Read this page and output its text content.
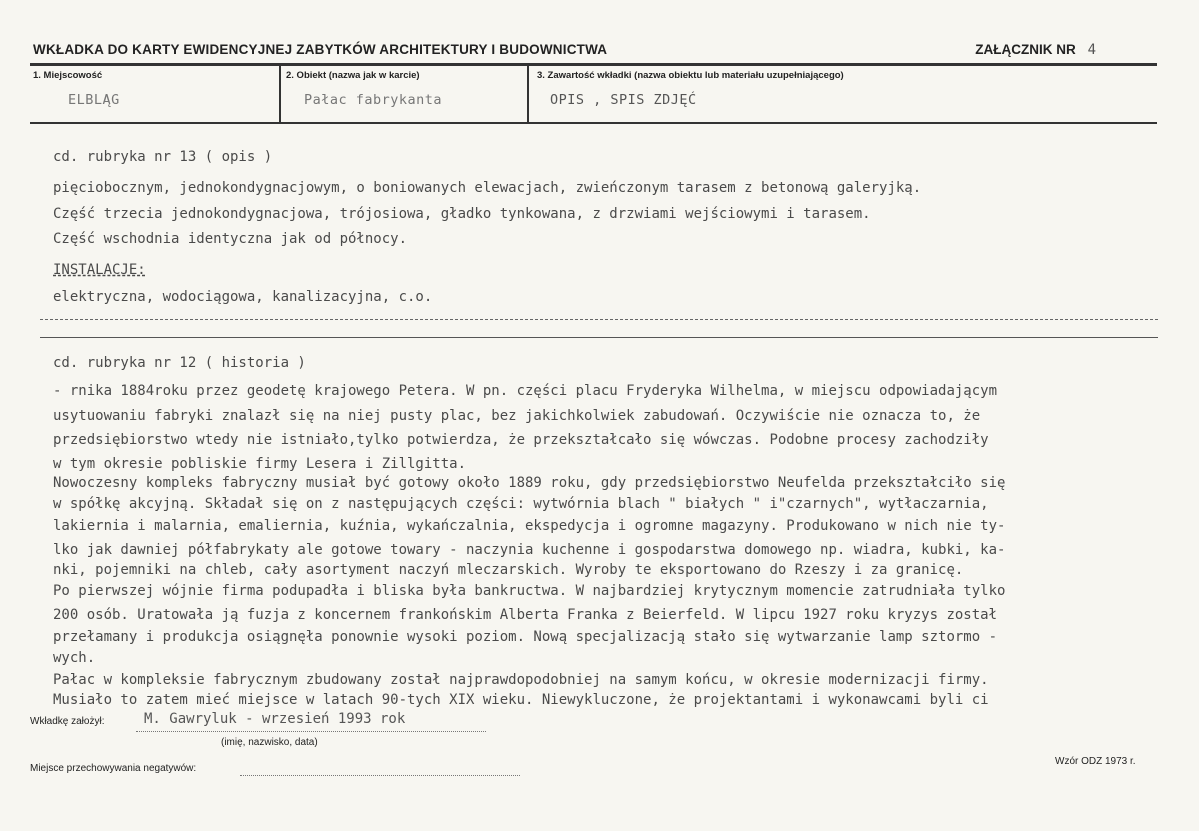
WKŁADKA DO KARTY EWIDENCYJNEJ ZABYTKÓW ARCHITEKTURY I BUDOWNICTWA	ZAŁĄCZNIK NR 4
1. Miejscowość
ELBLĄG
2. Obiekt (nazwa jak w karcie)
Pałac fabrykanta
3. Zawartość wkładki (nazwa obiektu lub materiału uzupełniającego)
OPIS , SPIS ZDJĘĆ
cd. rubryka nr 13 ( opis )
pięciobocznym, jednokondygnacjowym, o boniowanych elewacjach, zwieńczonym tarasem z betonową galeryjką.
Część trzecia jednokondygnacjowa, trójosiowa, gładko tynkowana, z drzwiami wejściowymi i tarasem.
Część wschodnia identyczna jak od północy.
INSTALACJE:
elektryczna, wodociągowa, kanalizacyjna, c.o.
cd. rubryka nr 12 ( historia )
- rnika 1884roku przez geodetę krajowego Petera. W pn. części placu Fryderyka Wilhelma, w miejscu odpowiadającym
usytuowaniu fabryki znalazł się na niej pusty plac, bez jakichkolwiek zabudowań. Oczywiście nie oznacza to, że
przedsiębiorstwo wtedy nie istniało,tylko potwierdza, że przekształcało się wówczas. Podobne procesy zachodziły
w tym okresie pobliskie firmy Lesera i Zillgitta.
Nowoczesny kompleks fabryczny musiał być gotowy około 1889 roku, gdy przedsiębiorstwo Neufelda przekształciło się
w spółkę akcyjną. Składał się on z następujących części: wytwórnia blach " białych " i"czarnych", wytłaczarnia,
lakiernia i malarnia, emaliernia, kuźnia, wykańczalnia, ekspedycja i ogromne magazyny. Produkowano w nich nie ty-
lko jak dawniej półfabrykaty ale gotowe towary - naczynia kuchenne i gospodarstwa domowego np. wiadra, kubki, ka-
nki, pojemniki na chleb, cały asortyment naczyń mleczarskich. Wyroby te eksportowano do Rzeszy i za granicę.
Po pierwszej wójnie firma podupadła i bliska była bankructwa. W najbardziej krytycznym momencie zatrudniała tylko
200 osób. Uratowała ją fuzja z koncernem frankońskim Alberta Franka z Beierfeld. W lipcu 1927 roku kryzys został
przełamany i produkcja osiągnęła ponownie wysoki poziom. Nową specjalizacją stało się wytwarzanie lamp sztormo -
wych.
Pałac w kompleksie fabrycznym zbudowany został najprawdopodobniej na samym końcu, w okresie modernizacji firmy.
Musiało to zatem mieć miejsce w latach 90-tych XIX wieku. Niewykluczone, że projektantami i wykonawcami byli ci
Wkładkę założył:	M. Gawryluk - wrzesień 1993 rok
(imię, nazwisko, data)
Miejsce przechowywania negatywów:
Wzór ODZ 1973 r.
